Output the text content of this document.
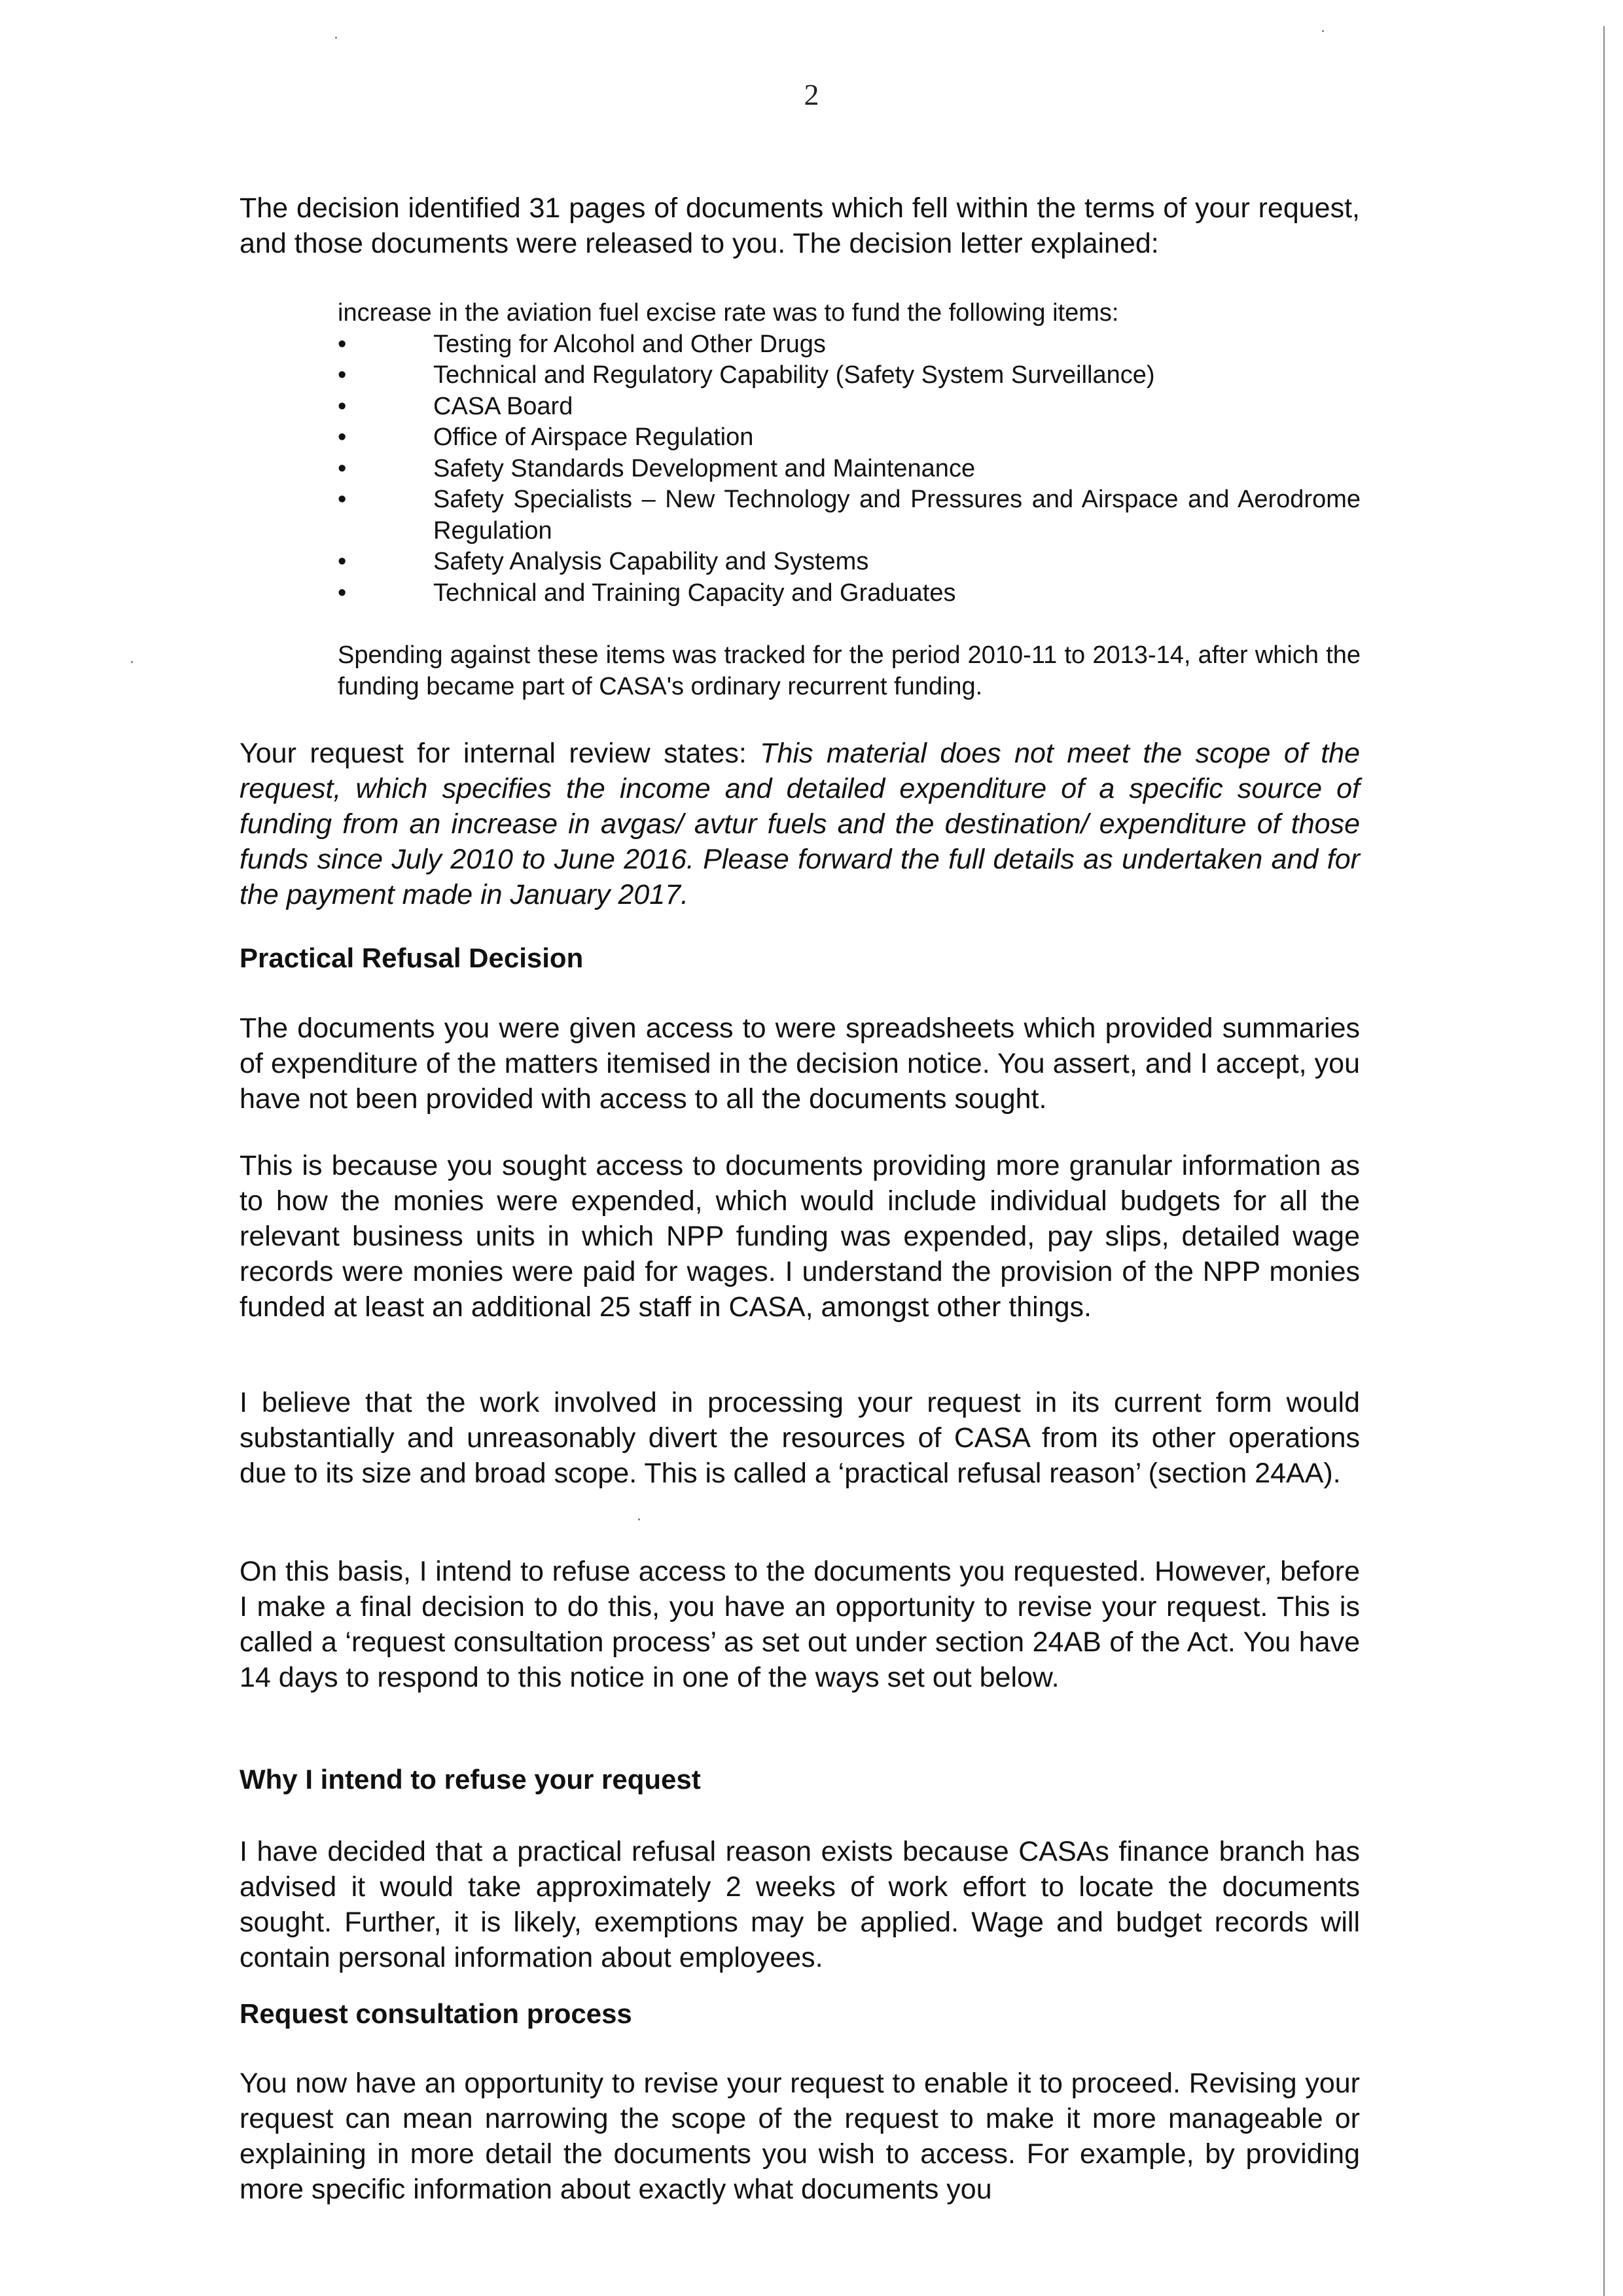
2

The decision identified 31 pages of documents which fell within the terms of your request, and those documents were released to you. The decision letter explained:

increase in the aviation fuel excise rate was to fund the following items:

•	Testing for Alcohol and Other Drugs
•	Technical and Regulatory Capability (Safety System Surveillance)
•	CASA Board
•	Office of Airspace Regulation
•	Safety Standards Development and Maintenance
•	Safety Specialists – New Technology and Pressures and Airspace and Aerodrome Regulation
•	Safety Analysis Capability and Systems
•	Technical and Training Capacity and Graduates

Spending against these items was tracked for the period 2010-11 to 2013-14, after which the funding became part of CASA's ordinary recurrent funding.

Your request for internal review states: This material does not meet the scope of the request, which specifies the income and detailed expenditure of a specific source of funding from an increase in avgas/ avtur fuels and the destination/ expenditure of those funds since July 2010 to June 2016. Please forward the full details as undertaken and for the payment made in January 2017.

Practical Refusal Decision

The documents you were given access to were spreadsheets which provided summaries of expenditure of the matters itemised in the decision notice. You assert, and I accept, you have not been provided with access to all the documents sought.

This is because you sought access to documents providing more granular information as to how the monies were expended, which would include individual budgets for all the relevant business units in which NPP funding was expended, pay slips, detailed wage records were monies were paid for wages. I understand the provision of the NPP monies funded at least an additional 25 staff in CASA, amongst other things.

I believe that the work involved in processing your request in its current form would substantially and unreasonably divert the resources of CASA from its other operations due to its size and broad scope. This is called a ‘practical refusal reason’ (section 24AA).

On this basis, I intend to refuse access to the documents you requested. However, before I make a final decision to do this, you have an opportunity to revise your request. This is called a ‘request consultation process’ as set out under section 24AB of the Act. You have 14 days to respond to this notice in one of the ways set out below.

Why I intend to refuse your request

I have decided that a practical refusal reason exists because CASAs finance branch has advised it would take approximately 2 weeks of work effort to locate the documents sought. Further, it is likely, exemptions may be applied. Wage and budget records will contain personal information about employees.

Request consultation process

You now have an opportunity to revise your request to enable it to proceed. Revising your request can mean narrowing the scope of the request to make it more manageable or explaining in more detail the documents you wish to access. For example, by providing more specific information about exactly what documents you
